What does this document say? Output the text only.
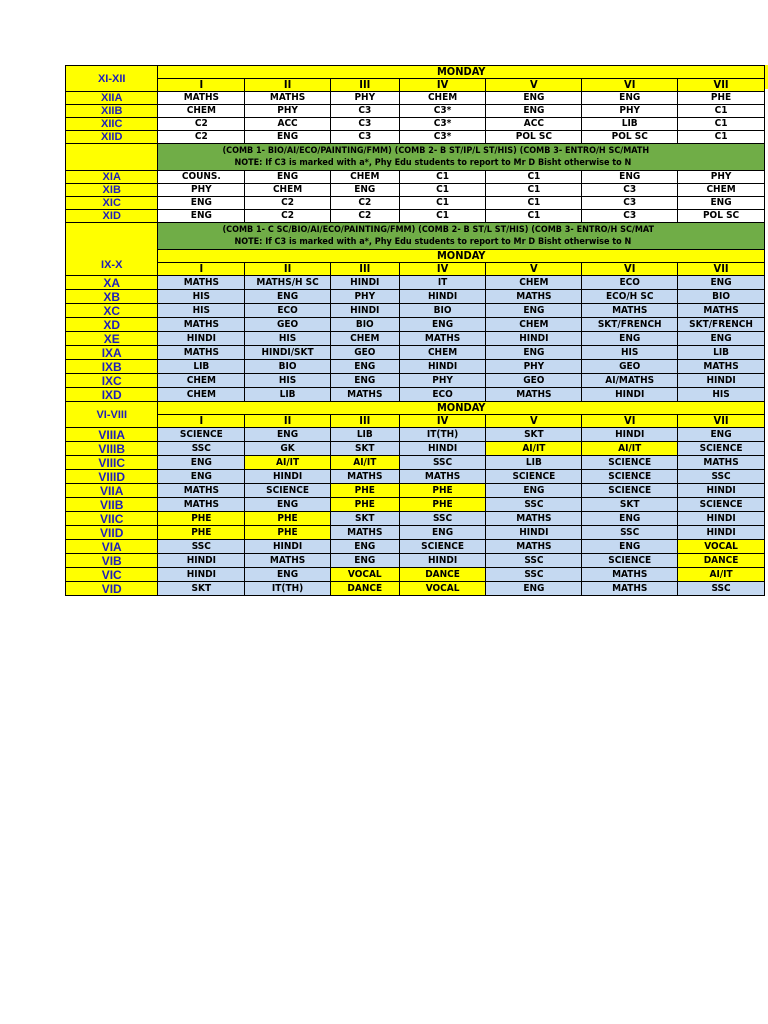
XI-XII	MONDAY						
	I	II	III	IV	V	VI	VII
XIIA	MATHS	MATHS	PHY	CHEM	ENG	ENG	PHE
XIIB	CHEM	PHY	C3	C3*	ENG	PHY	C1
XIIC	C2	ACC	C3	C3*	ACC	LIB	C1
XIID	C2	ENG	C3	C3*	POL SC	POL SC	C1

	(COMB 1- BIO/AI/ECO/PAINTING/FMM) (COMB 2- B ST/IP/L ST/HIS) (COMB 3- ENTRO/H SC/MATH
NOTE: If C3 is marked with a*, Phy Edu students to report to Mr D Bisht otherwise to N						

XIA	COUNS.	ENG	CHEM	C1	C1	ENG	PHY
XIB	PHY	CHEM	ENG	C1	C1	C3	CHEM
XIC	ENG	C2	C2	C1	C1	C3	ENG
XID	ENG	C2	C2	C1	C1	C3	POL SC
IX-X	(COMB 1- C SC/BIO/AI/ECO/PAINTING/FMM) (COMB 2- B ST/L ST/HIS) (COMB 3- ENTRO/H SC/MAT
NOTE: If C3 is marked with a*, Phy Edu students to report to Mr D Bisht otherwise to N						

	MONDAY						
	I	II	III	IV	V	VI	VII
XA	MATHS	MATHS/H SC	HINDI	IT	CHEM	ECO	ENG
XB	HIS	ENG	PHY	HINDI	MATHS	ECO/H SC	BIO
XC	HIS	ECO	HINDI	BIO	ENG	MATHS	MATHS
XD	MATHS	GEO	BIO	ENG	CHEM	SKT/FRENCH	SKT/FRENCH
XE	HINDI	HIS	CHEM	MATHS	HINDI	ENG	ENG
IXA	MATHS	HINDI/SKT	GEO	CHEM	ENG	HIS	LIB
IXB	LIB	BIO	ENG	HINDI	PHY	GEO	MATHS
IXC	CHEM	HIS	ENG	PHY	GEO	AI/MATHS	HINDI
IXD	CHEM	LIB	MATHS	ECO	MATHS	HINDI	HIS
VI-VIII	MONDAY						
	I	II	III	IV	V	VI	VII
VIIIA	SCIENCE	ENG	LIB	IT(TH)	SKT	HINDI	ENG
VIIIB	SSC	GK	SKT	HINDI	AI/IT	AI/IT	SCIENCE
VIIIC	ENG	AI/IT	AI/IT	SSC	LIB	SCIENCE	MATHS
VIIID	ENG	HINDI	MATHS	MATHS	SCIENCE	SCIENCE	SSC
VIIA	MATHS	SCIENCE	PHE	PHE	ENG	SCIENCE	HINDI
VIIB	MATHS	ENG	PHE	PHE	SSC	SKT	SCIENCE
VIIC	PHE	PHE	SKT	SSC	MATHS	ENG	HINDI
VIID	PHE	PHE	MATHS	ENG	HINDI	SSC	HINDI
VIA	SSC	HINDI	ENG	SCIENCE	MATHS	ENG	VOCAL
VIB	HINDI	MATHS	ENG	HINDI	SSC	SCIENCE	DANCE
VIC	HINDI	ENG	VOCAL	DANCE	SSC	MATHS	AI/IT
VID	SKT	IT(TH)	DANCE	VOCAL	ENG	MATHS	SSC
